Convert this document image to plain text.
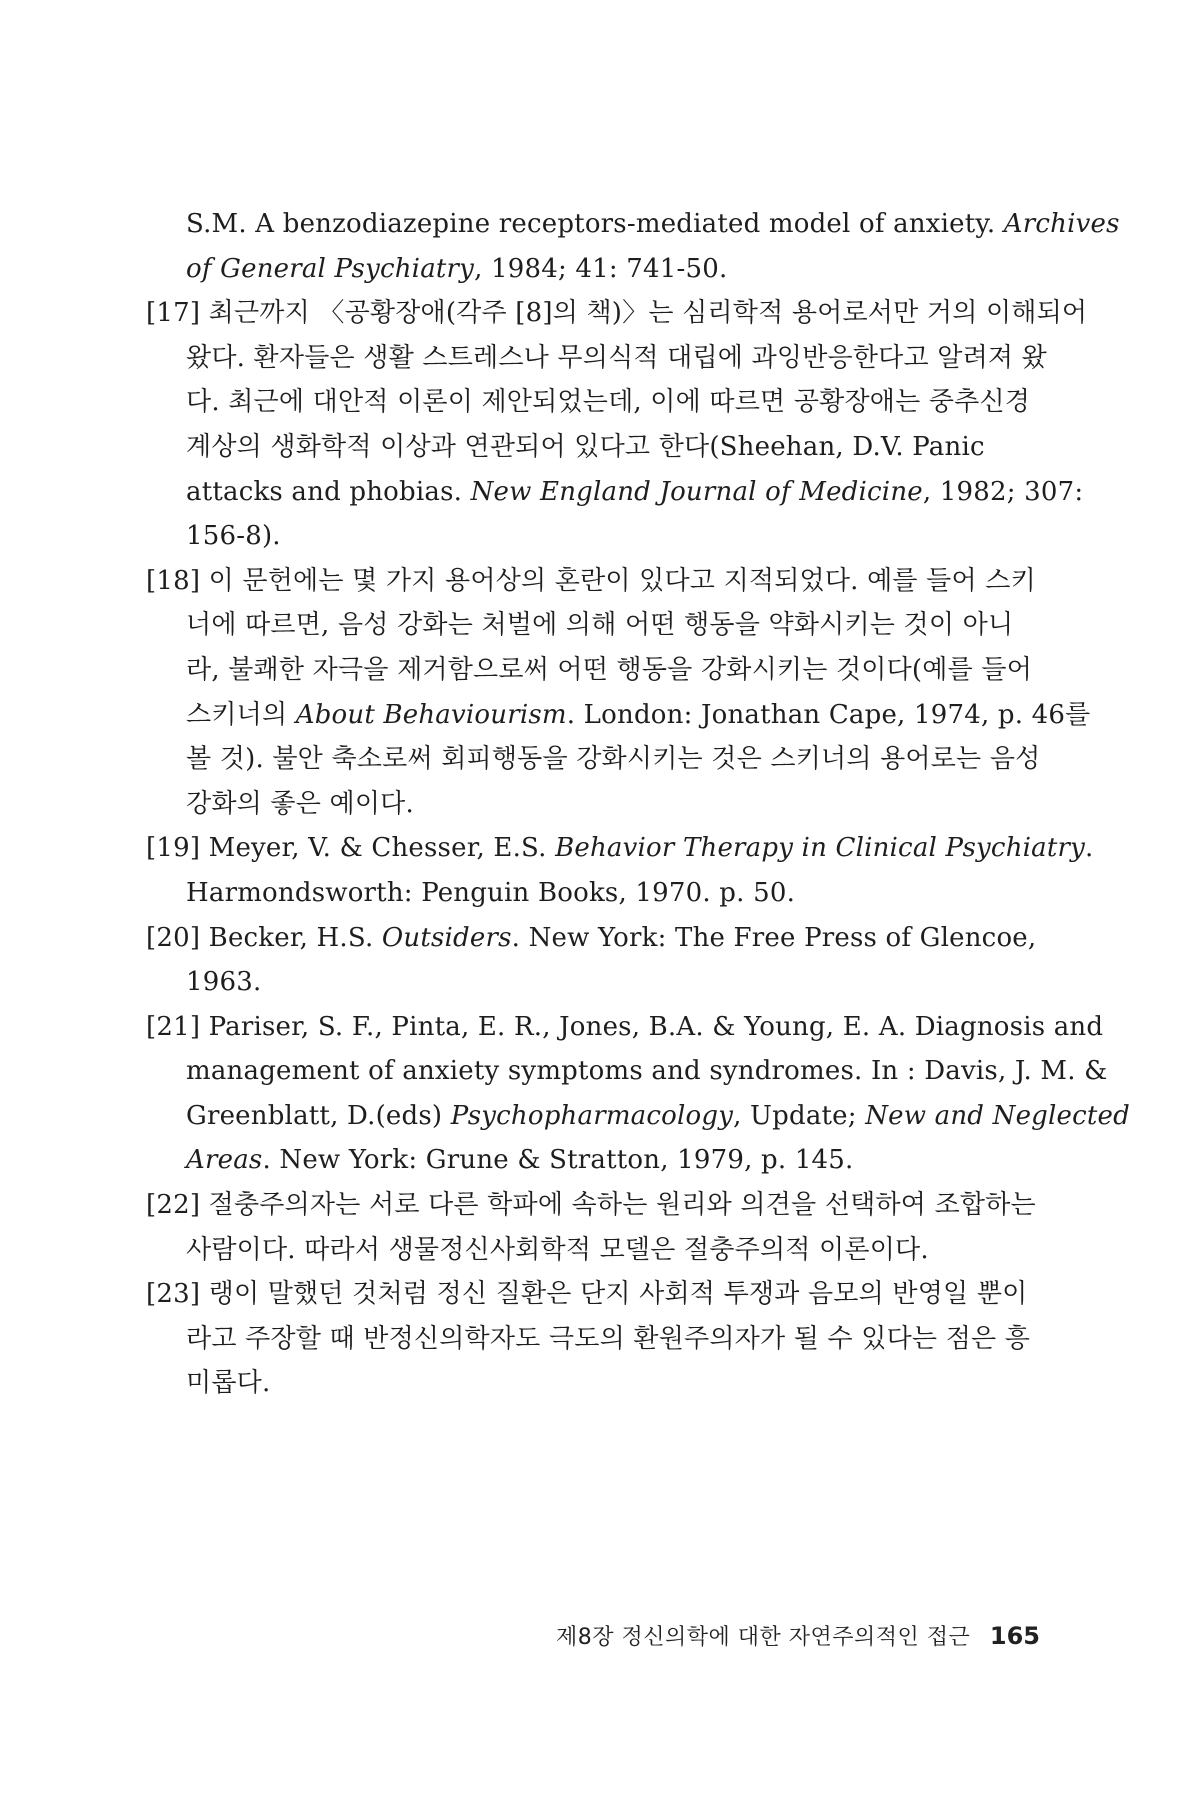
S.M. A benzodiazepine receptors-mediated model of anxiety. Archives
of General Psychiatry, 1984; 41: 741-50.
[17] 최근까지 〈공황장애(각주 [8]의 책)〉는 심리학적 용어로서만 거의 이해되어
왔다. 환자들은 생활 스트레스나 무의식적 대립에 과잉반응한다고 알려져 왔
다. 최근에 대안적 이론이 제안되었는데, 이에 따르면 공황장애는 중추신경
계상의 생화학적 이상과 연관되어 있다고 한다(Sheehan, D.V. Panic
attacks and phobias. New England Journal of Medicine, 1982; 307:
156-8).
[18] 이 문헌에는 몇 가지 용어상의 혼란이 있다고 지적되었다. 예를 들어 스키
너에 따르면, 음성 강화는 처벌에 의해 어떤 행동을 약화시키는 것이 아니
라, 불쾌한 자극을 제거함으로써 어떤 행동을 강화시키는 것이다(예를 들어
스키너의 About Behaviourism. London: Jonathan Cape, 1974, p. 46를
볼 것). 불안 축소로써 회피행동을 강화시키는 것은 스키너의 용어로는 음성
강화의 좋은 예이다.
[19] Meyer, V. & Chesser, E.S. Behavior Therapy in Clinical Psychiatry.
Harmondsworth: Penguin Books, 1970. p. 50.
[20] Becker, H.S. Outsiders. New York: The Free Press of Glencoe,
1963.
[21] Pariser, S. F., Pinta, E. R., Jones, B.A. & Young, E. A. Diagnosis and
management of anxiety symptoms and syndromes. In : Davis, J. M. &
Greenblatt, D.(eds) Psychopharmacology, Update; New and Neglected
Areas. New York: Grune & Stratton, 1979, p. 145.
[22] 절충주의자는 서로 다른 학파에 속하는 원리와 의견을 선택하여 조합하는
사람이다. 따라서 생물정신사회학적 모델은 절충주의적 이론이다.
[23] 랭이 말했던 것처럼 정신 질환은 단지 사회적 투쟁과 음모의 반영일 뿐이
라고 주장할 때 반정신의학자도 극도의 환원주의자가 될 수 있다는 점은 흥
미롭다.
제8장 정신의학에 대한 자연주의적인 접근 165
